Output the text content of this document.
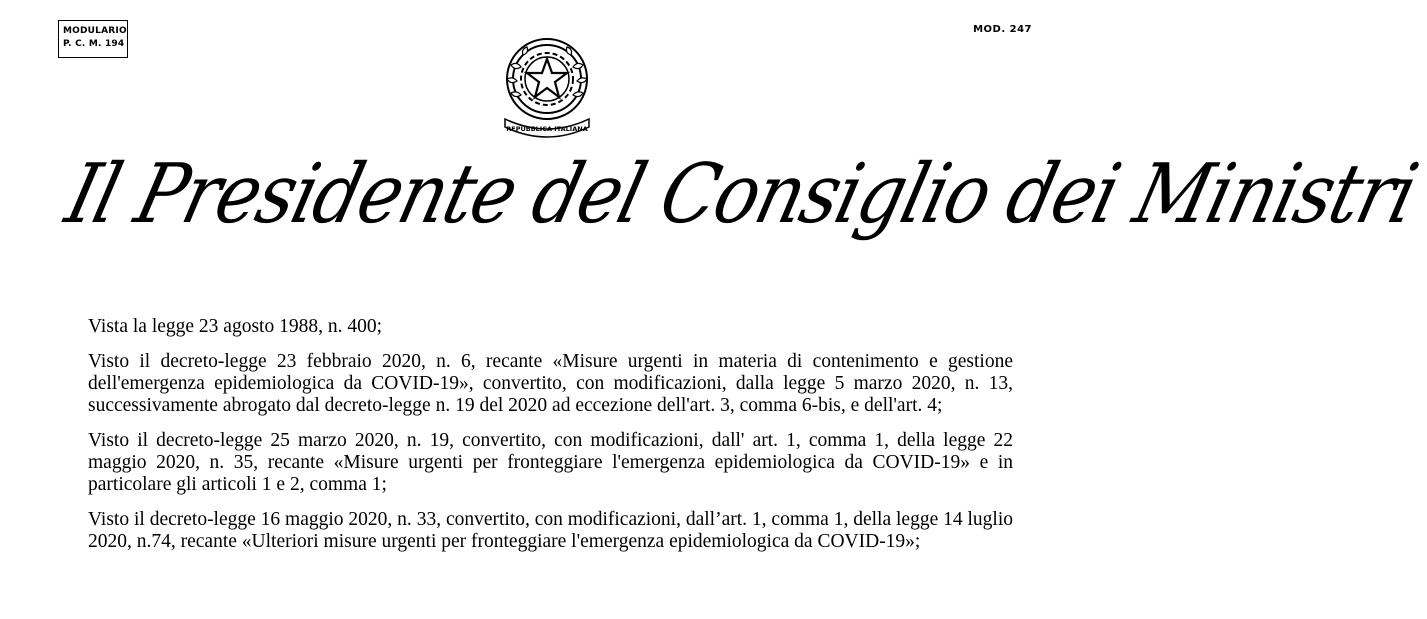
MODULARIO
P. C. M. 194
MOD. 247
REPUBBLICA ITALIANA
Il Presidente del Consiglio dei Ministri

Vista la legge 23 agosto 1988, n. 400;

Visto il decreto-legge 23 febbraio 2020, n. 6, recante «Misure urgenti in materia di contenimento e gestione dell'emergenza epidemiologica da COVID-19», convertito, con modificazioni, dalla legge 5 marzo 2020, n. 13, successivamente abrogato dal decreto-legge n. 19 del 2020 ad eccezione dell'art. 3, comma 6-bis, e dell'art. 4;

Visto il decreto-legge 25 marzo 2020, n. 19, convertito, con modificazioni, dall' art. 1, comma 1, della legge 22 maggio 2020, n. 35, recante «Misure urgenti per fronteggiare l'emergenza epidemiologica da COVID-19» e in particolare gli articoli 1 e 2, comma 1;

Visto il decreto-legge 16 maggio 2020, n. 33, convertito, con modificazioni, dall’art. 1, comma 1, della legge 14 luglio 2020, n.74, recante «Ulteriori misure urgenti per fronteggiare l'emergenza epidemiologica da COVID-19»;
